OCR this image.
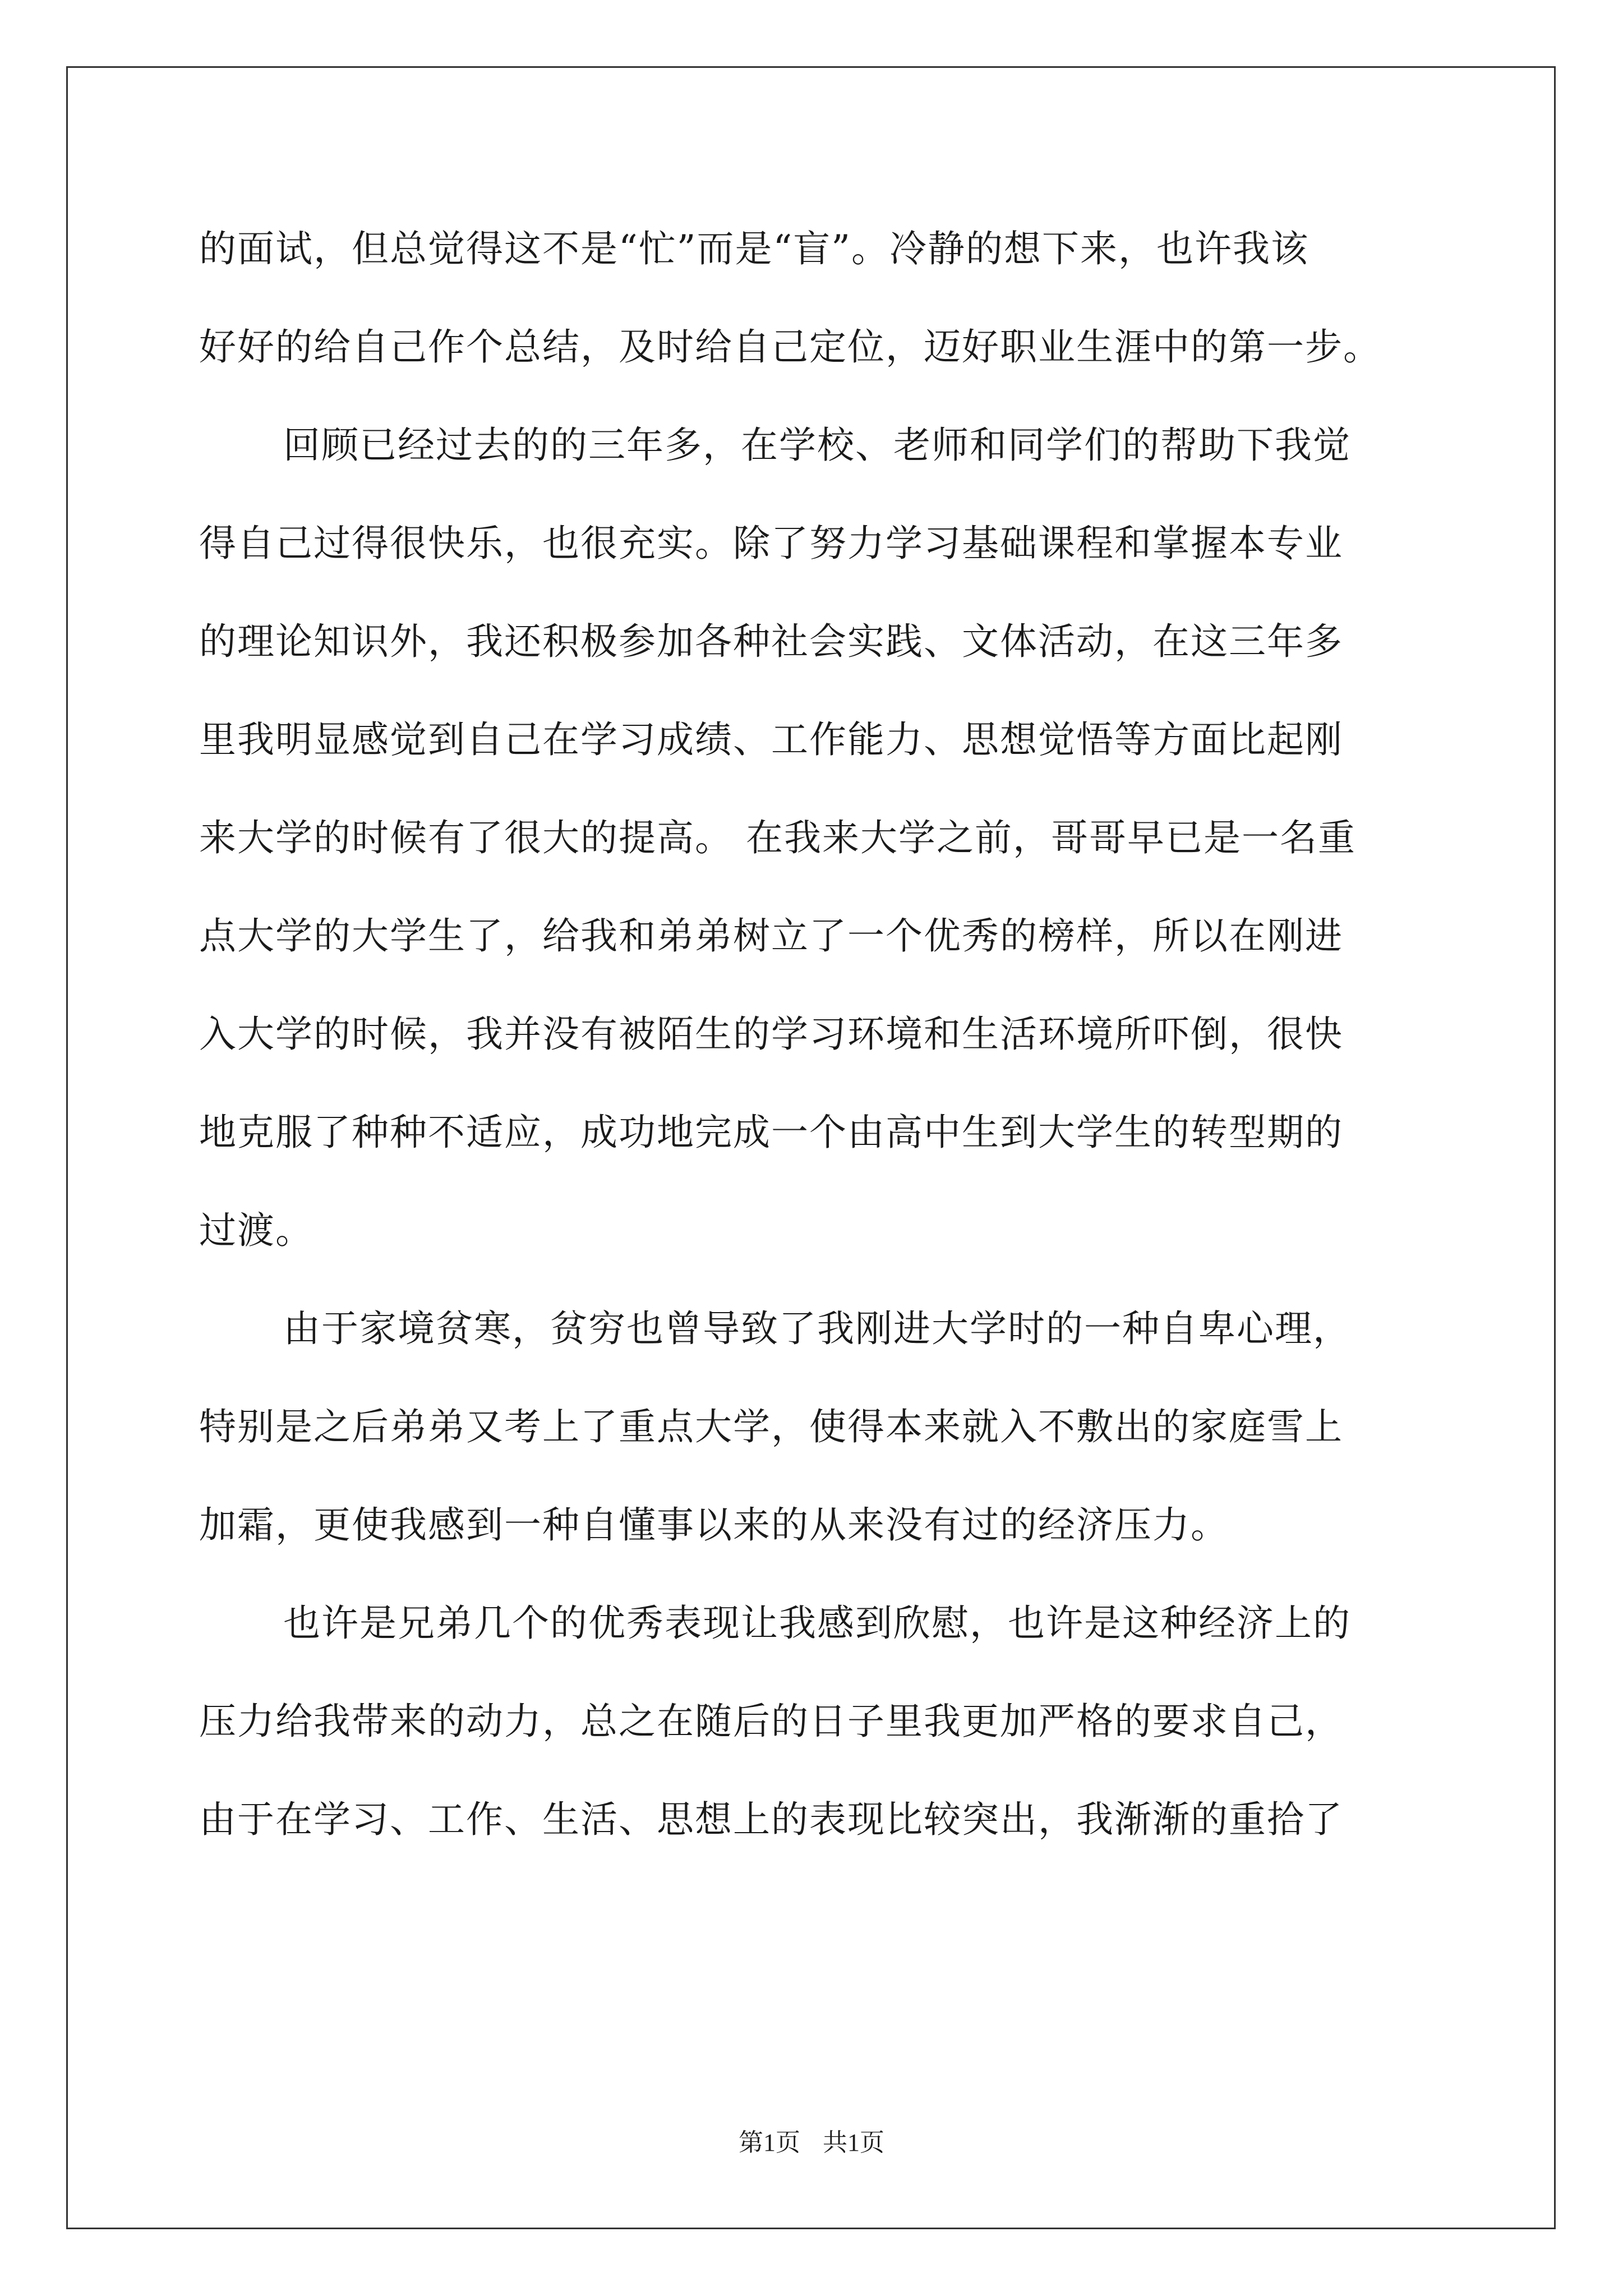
的面试，但总觉得这不是“忙”而是“盲”。冷静的想下来，也许我该
好好的给自己作个总结，及时给自己定位，迈好职业生涯中的第一步。
回顾已经过去的的三年多，在学校、老师和同学们的帮助下我觉
得自己过得很快乐，也很充实。除了努力学习基础课程和掌握本专业
的理论知识外，我还积极参加各种社会实践、文体活动，在这三年多
里我明显感觉到自己在学习成绩、工作能力、思想觉悟等方面比起刚
来大学的时候有了很大的提高。 在我来大学之前，哥哥早已是一名重
点大学的大学生了，给我和弟弟树立了一个优秀的榜样，所以在刚进
入大学的时候，我并没有被陌生的学习环境和生活环境所吓倒，很快
地克服了种种不适应，成功地完成一个由高中生到大学生的转型期的
过渡。
由于家境贫寒，贫穷也曾导致了我刚进大学时的一种自卑心理，
特别是之后弟弟又考上了重点大学，使得本来就入不敷出的家庭雪上
加霜，更使我感到一种自懂事以来的从来没有过的经济压力。
也许是兄弟几个的优秀表现让我感到欣慰，也许是这种经济上的
压力给我带来的动力，总之在随后的日子里我更加严格的要求自己，
由于在学习、工作、生活、思想上的表现比较突出，我渐渐的重拾了
第1页 共1页
